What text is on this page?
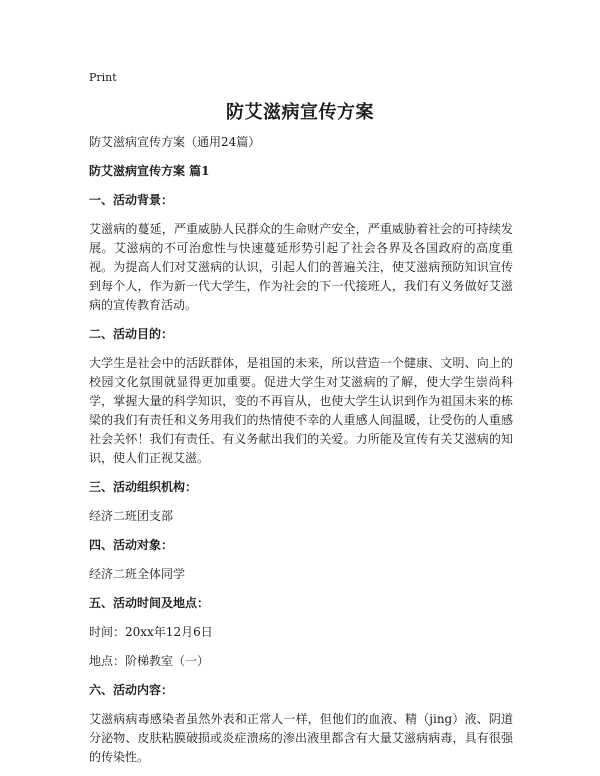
Print
防艾滋病宣传方案

防艾滋病宣传方案（通用24篇）

防艾滋病宣传方案 篇1

一、活动背景：

艾滋病的蔓延，严重威胁人民群众的生命财产安全，严重威胁着社会的可持续发展。艾滋病的不可治愈性与快速蔓延形势引起了社会各界及各国政府的高度重视。为提高人们对艾滋病的认识，引起人们的普遍关注，使艾滋病预防知识宣传到每个人，作为新一代大学生，作为社会的下一代接班人，我们有义务做好艾滋病的宣传教育活动。

二、活动目的：

大学生是社会中的活跃群体，是祖国的未来，所以营造一个健康、文明、向上的校园文化氛围就显得更加重要。促进大学生对艾滋病的了解，使大学生崇尚科学，掌握大量的科学知识，变的不再盲从，也使大学生认识到作为祖国未来的栋梁的我们有责任和义务用我们的热情使不幸的人重感人间温暖，让受伤的人重感社会关怀！我们有责任、有义务献出我们的关爱。力所能及宣传有关艾滋病的知识，使人们正视艾滋。

三、活动组织机构：

经济二班团支部

四、活动对象：

经济二班全体同学

五、活动时间及地点：

时间：20xx年12月6日

地点：阶梯教室（一）

六、活动内容：

艾滋病病毒感染者虽然外表和正常人一样，但他们的血液、精（jing）液、阴道分泌物、皮肤粘膜破损或炎症溃疡的渗出液里都含有大量艾滋病病毒，具有很强的传染性。
